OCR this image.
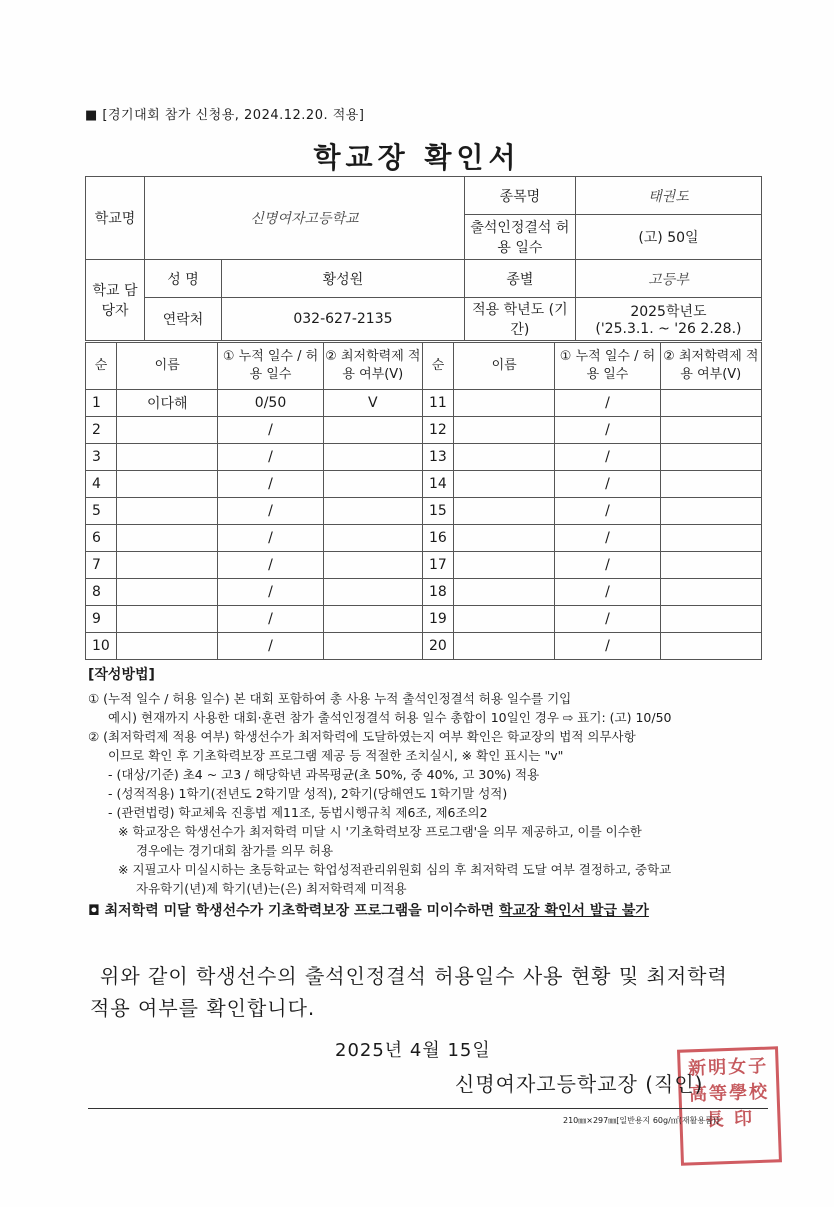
■ [경기대회 참가 신청용, 2024.12.20. 적용]
학교장 확인서
학교명	신명여자고등학교		종목명	태권도
			출석인정결석 허용 일수	(고) 50일
학교 담당자	성 명	황성원	종별	고등부
	연락처	032-627-2135	적용 학년도 (기간)	2025학년도
('25.3.1. ~ '26 2.28.)
순	이름	① 누적 일수 / 허용 일수	② 최저학력제 적용 여부(V)	순	이름	① 누적 일수 / 허용 일수	② 최저학력제 적용 여부(V)
1	이다해	0/50	V	11		/	
2		/		12		/	
3		/		13		/	
4		/		14		/	
5		/		15		/	
6		/		16		/	
7		/		17		/	
8		/		18		/	
9		/		19		/	
10		/		20		/	

[작성방법]

① (누적 일수 / 허용 일수) 본 대회 포함하여 총 사용 누적 출석인정결석 허용 일수를 기입

예시) 현재까지 사용한 대회·훈련 참가 출석인정결석 허용 일수 총합이 10일인 경우 ⇨ 표기: (고) 10/50

② (최저학력제 적용 여부) 학생선수가 최저학력에 도달하였는지 여부 확인은 학교장의 법적 의무사항

이므로 확인 후 기초학력보장 프로그램 제공 등 적절한 조치실시, ※ 확인 표시는 "v"

- (대상/기준) 초4 ~ 고3 / 해당학년 과목평균(초 50%, 중 40%, 고 30%) 적용

- (성적적용) 1학기(전년도 2학기말 성적), 2학기(당해연도 1학기말 성적)

- (관련법령) 학교체육 진흥법 제11조, 동법시행규칙 제6조, 제6조의2

※ 학교장은 학생선수가 최저학력 미달 시 '기초학력보장 프로그램'을 의무 제공하고, 이를 이수한

경우에는 경기대회 참가를 의무 허용

※ 지필고사 미실시하는 초등학교는 학업성적관리위원회 심의 후 최저학력 도달 여부 결정하고, 중학교

자유학기(년)제 학기(년)는(은) 최저학력제 미적용

◘ 최저학력 미달 학생선수가 기초학력보장 프로그램을 미이수하면 학교장 확인서 발급 불가

위와 같이 학생선수의 출석인정결석 허용일수 사용 현황 및 최저학력
적용 여부를 확인합니다.
2025년 4월 15일
新明女子
高等學校
長 印
신명여자고등학교장 (직인)
210㎜×297㎜[일반용지 60g/㎡(재활용품)]
